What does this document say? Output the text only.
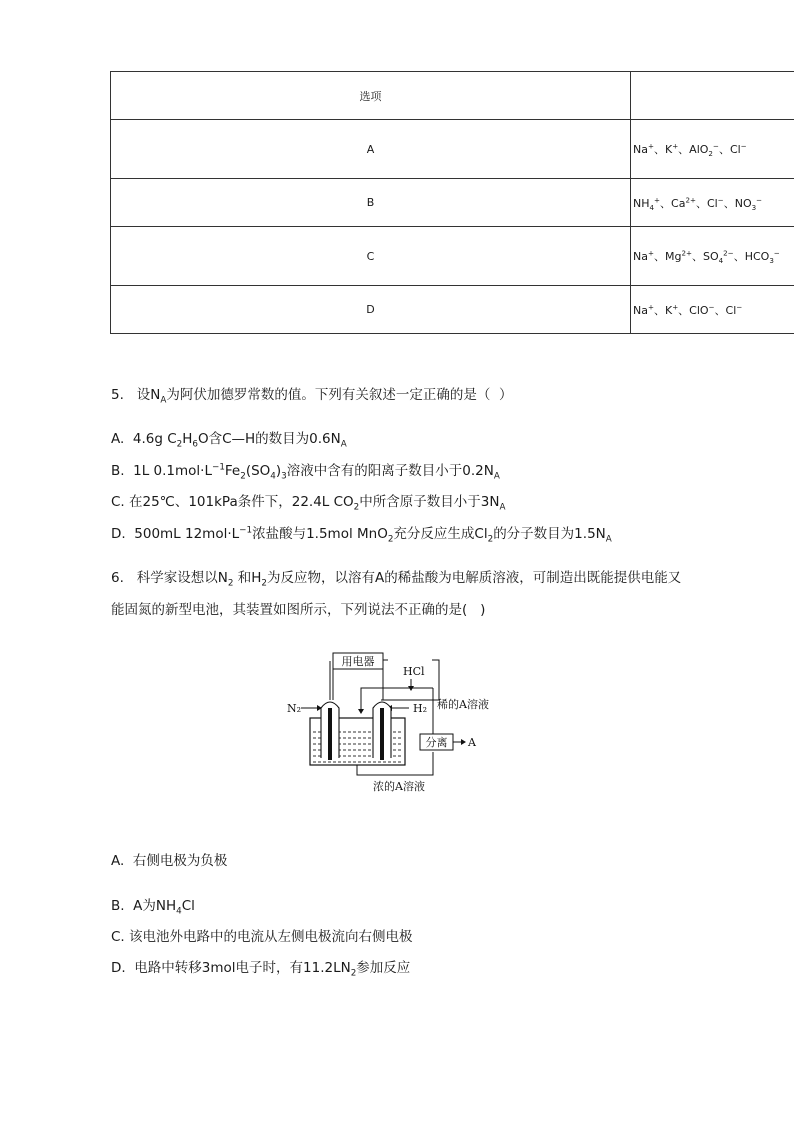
选项	
A	Na+、K+、AlO$_2$−、Cl−
B	$NH_4^+$、$Ca^{2+}$、Cl−、$NO_3^-$
C	Na+、$Mg^{2+}$、$SO_4^{2-}$、$HCO_3^-$
D	Na+、K+、ClO−、Cl−
5.   设$N_A$为阿伏加德罗常数的值。下列有关叙述一定正确的是（  ）
A.  4.6g $C_2H_6O$含C—H的数目为$0.6N_A$
B.  1L $0.1mol\cdot L^{-1}Fe_2(SO_4)_3$溶液中含有的阳离子数目小于$0.2N_A$
C. 在25℃、101kPa条件下，22.4L $CO_2$中所含原子数目小于$3N_A$
D.  500mL $12mol\cdot L^{-1}$浓盐酸与1.5mol MnO$_2$充分反应生成$Cl_2$的分子数目为$1.5N_A$
6.   科学家设想以$N_2$ 和$H_2$为反应物，以溶有A的稀盐酸为电解质溶液，可制造出既能提供电能又
能固氮的新型电池，其装置如图所示，下列说法不正确的是(   )
用电器
HCl
稀的A溶液
N₂	H₂
分离 A
浓的A溶液
A.  右侧电极为负极
B.  A为$NH_4Cl$
C. 该电池外电路中的电流从左侧电极流向右侧电极
D.  电路中转移3mol电子时，有$11.2LN_2$参加反应
